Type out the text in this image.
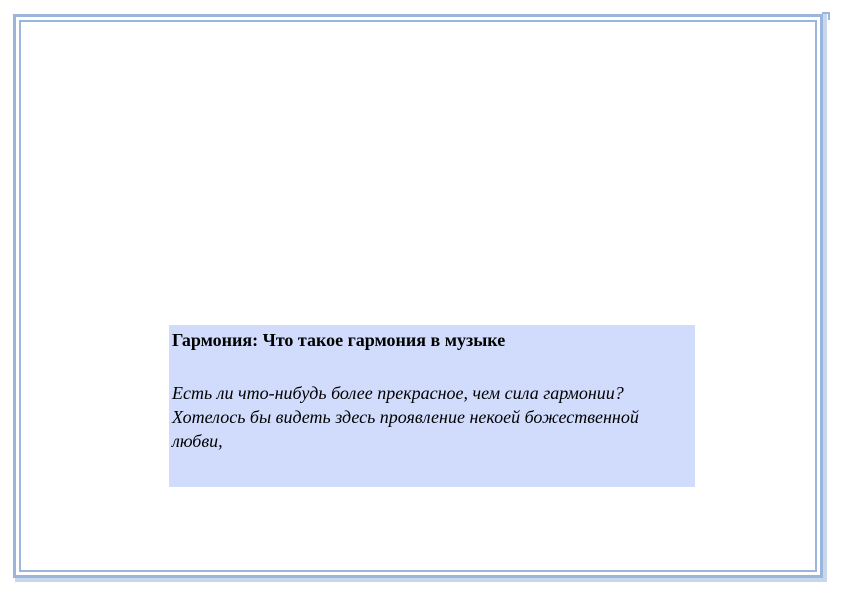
Гармония: Что такое гармония в музыке

Есть ли что-нибудь более прекрасное, чем сила гармонии?

Хотелось бы видеть здесь проявление некоей божественной любви,
